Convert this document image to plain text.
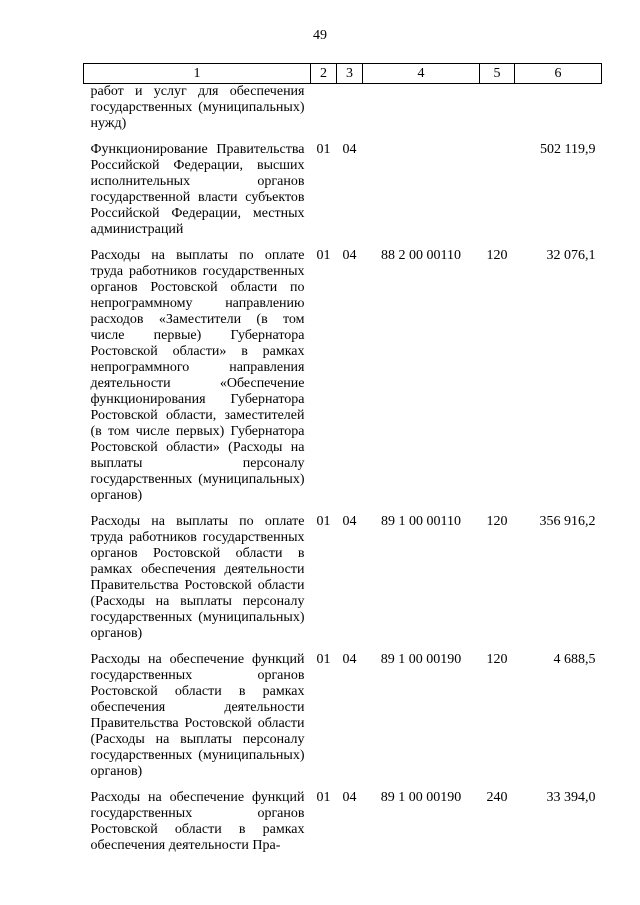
49
1	2	3	4	5	6
работ и услуг для обеспечения государственных (муниципальных) нужд)					
Функционирование Правительства Российской Федерации, высших исполнительных органов государственной власти субъектов Российской Федерации, местных администраций	01	04			502 119,9
Расходы на выплаты по оплате труда работников государственных органов Ростовской области по непрограммному направлению расходов «Заместители (в том числе первые) Губернатора Ростовской области» в рамках непрограммного направления деятельности «Обеспечение функционирования Губернатора Ростовской области, заместителей (в том числе первых) Губернатора Ростовской области» (Расходы на выплаты персоналу государственных (муниципальных) органов)	01	04	88 2 00 00110	120	32 076,1
Расходы на выплаты по оплате труда работников государственных органов Ростовской области в рамках обеспечения деятельности Правительства Ростовской области (Расходы на выплаты персоналу государственных (муниципальных) органов)	01	04	89 1 00 00110	120	356 916,2
Расходы на обеспечение функций государственных органов Ростовской области в рамках обеспечения деятельности Правительства Ростовской области (Расходы на выплаты персоналу государственных (муниципальных) органов)	01	04	89 1 00 00190	120	4 688,5
Расходы на обеспечение функций государственных органов Ростовской области в рамках обеспечения деятельности Пра-	01	04	89 1 00 00190	240	33 394,0
